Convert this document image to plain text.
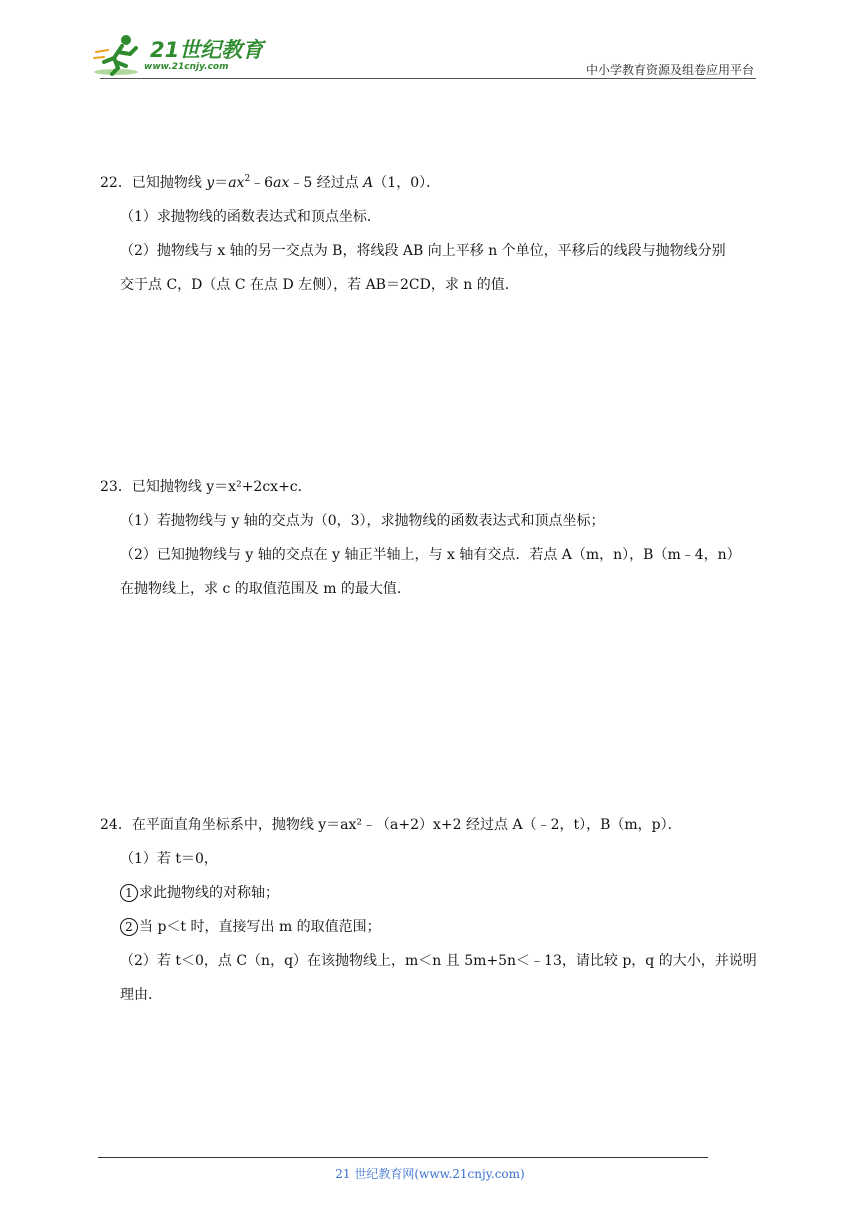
21世纪教育
www.21cnjy.com	中小学教育资源及组卷应用平台
22．已知抛物线 $y=ax^2﹣6ax﹣5$ 经过点 A（1，0）．
（1）求抛物线的函数表达式和顶点坐标．
（2）抛物线与 x 轴的另一交点为 B，将线段 AB 向上平移 n 个单位，平移后的线段与抛物线分别
交于点 C，D（点 C 在点 D 左侧），若 AB＝2CD，求 n 的值．
23．已知抛物线 y＝x²+2cx+c．
（1）若抛物线与 y 轴的交点为（0，3），求抛物线的函数表达式和顶点坐标；
（2）已知抛物线与 y 轴的交点在 y 轴正半轴上，与 x 轴有交点．若点 A（m，n），B（m﹣4，n）
在抛物线上，求 c 的取值范围及 m 的最大值．
24．在平面直角坐标系中，抛物线 y＝ax²﹣（a+2）x+2 经过点 A（﹣2，t），B（m，p）．
（1）若 t＝0，
1 求此抛物线的对称轴；
2 当 p＜t 时，直接写出 m 的取值范围；
（2）若 t＜0，点 C（n，q）在该抛物线上，m＜n 且 5m+5n＜﹣13，请比较 p，q 的大小，并说明
理由．
21 世纪教育网(www.21cnjy.com)
